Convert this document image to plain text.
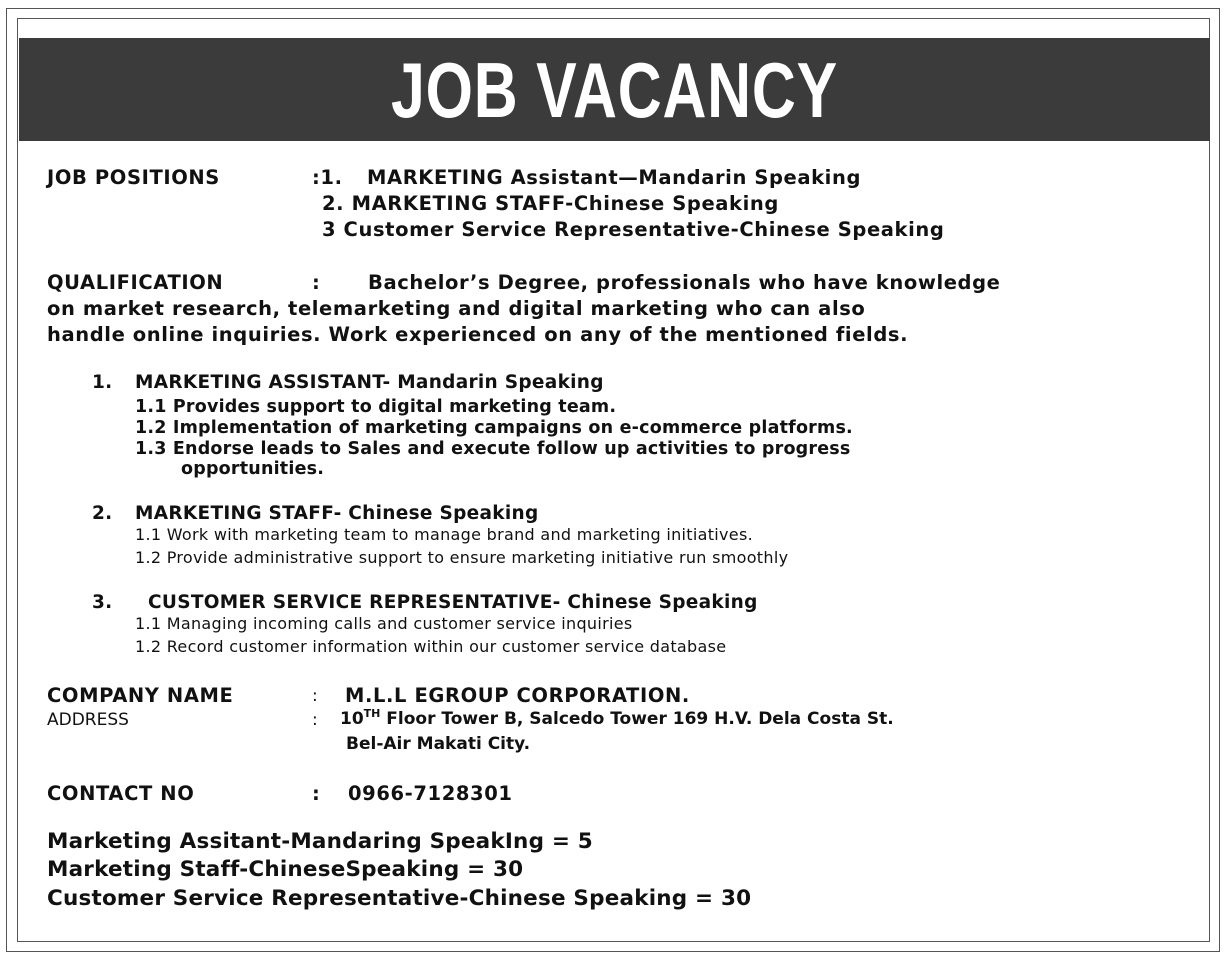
JOB VACANCY
JOB POSITIONS	:1. MARKETING Assistant—Mandarin Speaking
2. MARKETING STAFF-Chinese Speaking
3 Customer Service Representative-Chinese Speaking
QUALIFICATION	: Bachelor’s Degree, professionals who have knowledge
on market research, telemarketing and digital marketing who can also
handle online inquiries. Work experienced on any of the mentioned fields.
1. MARKETING ASSISTANT- Mandarin Speaking
1.1 Provides support to digital marketing team.
1.2 Implementation of marketing campaigns on e-commerce platforms.
1.3 Endorse leads to Sales and execute follow up activities to progress
opportunities.
2. MARKETING STAFF- Chinese Speaking
1.1 Work with marketing team to manage brand and marketing initiatives.
1.2 Provide administrative support to ensure marketing initiative run smoothly
3. CUSTOMER SERVICE REPRESENTATIVE- Chinese Speaking
1.1 Managing incoming calls and customer service inquiries
1.2 Record customer information within our customer service database
COMPANY NAME	: M.L.L EGROUP CORPORATION.
ADDRESS	: 10TH Floor Tower B, Salcedo Tower 169 H.V. Dela Costa St.
Bel-Air Makati City.
CONTACT NO	: 0966-7128301
Marketing Assitant-Mandaring SpeakIng = 5
Marketing Staff-ChineseSpeaking = 30
Customer Service Representative-Chinese Speaking = 30
